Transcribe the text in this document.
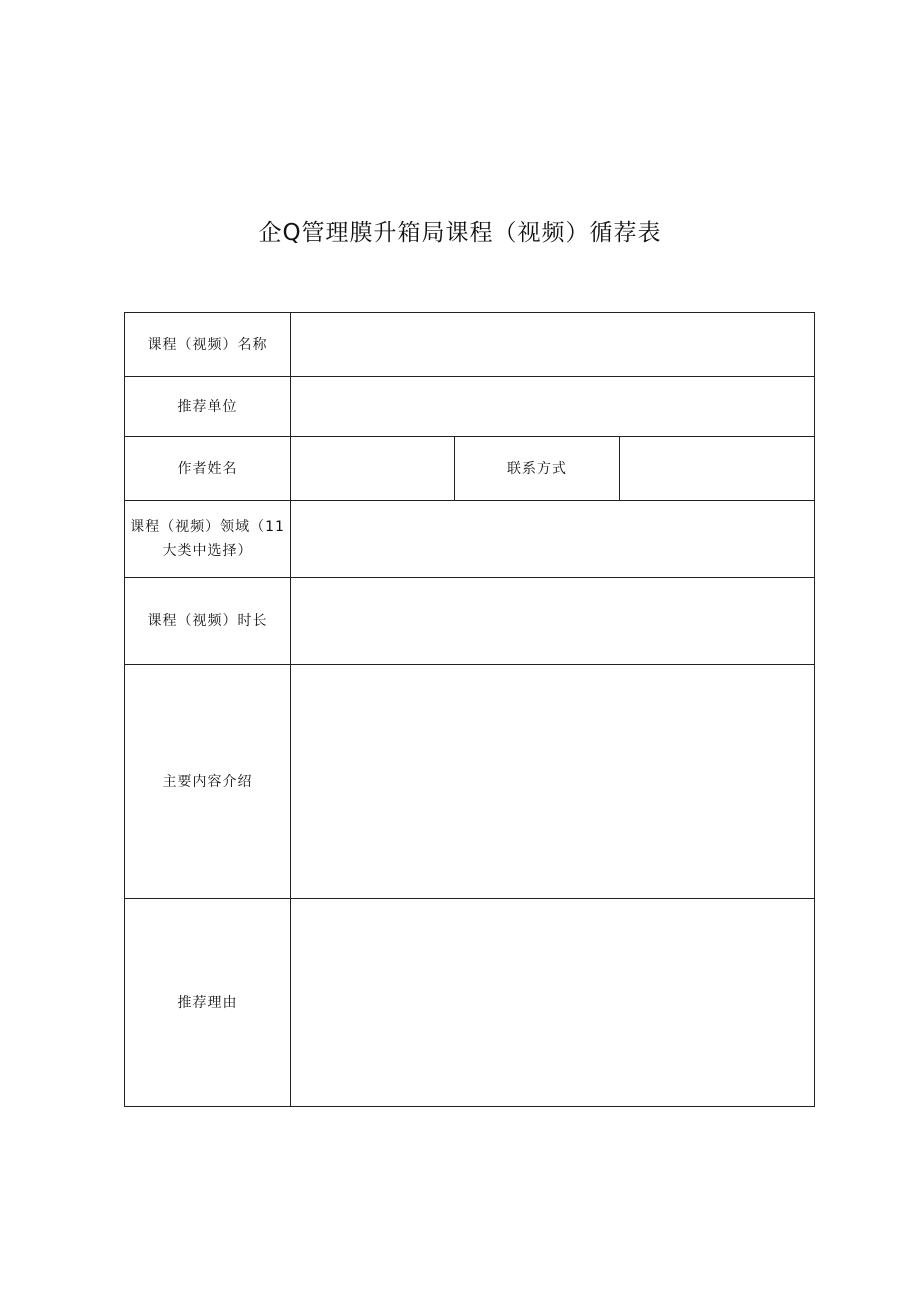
企Q管理膜升箱局课程（视频）循荐表
课程（视频）名称			
推荐单位			
作者姓名		联系方式	
课程（视频）领域（11大类中选择）			
课程（视频）时长			
主要内容介绍			
推荐理由			
